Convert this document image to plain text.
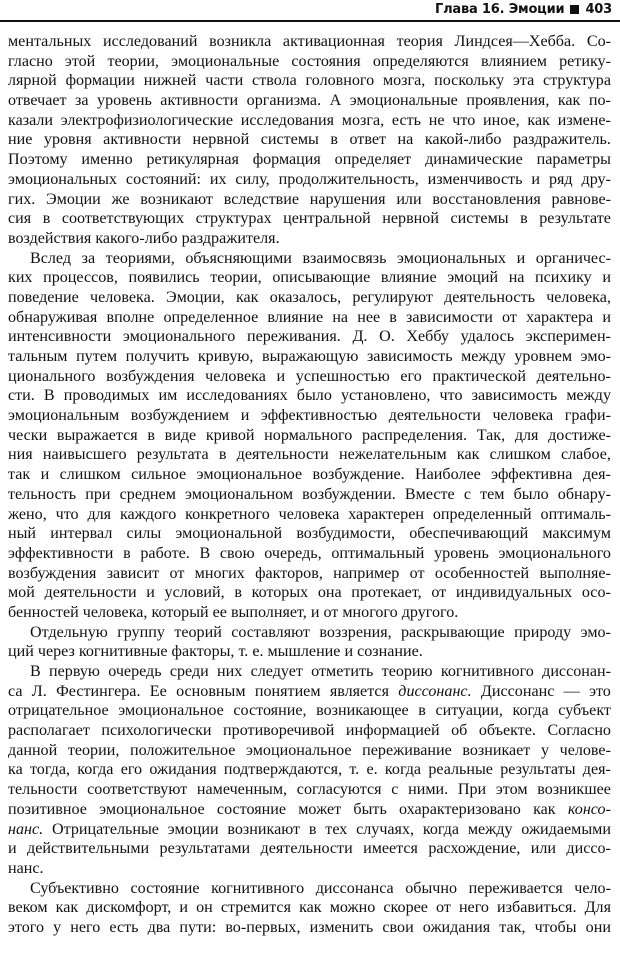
Глава 16. Эмоции 403
ментальных исследований возникла активационная теория Линдсея—Хебба. Со-
гласно этой теории, эмоциональные состояния определяются влиянием ретику-
лярной формации нижней части ствола головного мозга, поскольку эта структура
отвечает за уровень активности организма. А эмоциональные проявления, как по-
казали электрофизиологические исследования мозга, есть не что иное, как измене-
ние уровня активности нервной системы в ответ на какой-либо раздражитель.
Поэтому именно ретикулярная формация определяет динамические параметры
эмоциональных состояний: их силу, продолжительность, изменчивость и ряд дру-
гих. Эмоции же возникают вследствие нарушения или восстановления равнове-
сия в соответствующих структурах центральной нервной системы в результате
воздействия какого-либо раздражителя.
Вслед за теориями, объясняющими взаимосвязь эмоциональных и органичес-
ких процессов, появились теории, описывающие влияние эмоций на психику и
поведение человека. Эмоции, как оказалось, регулируют деятельность человека,
обнаруживая вполне определенное влияние на нее в зависимости от характера и
интенсивности эмоционального переживания. Д. О. Хеббу удалось эксперимен-
тальным путем получить кривую, выражающую зависимость между уровнем эмо-
ционального возбуждения человека и успешностью его практической деятельно-
сти. В проводимых им исследованиях было установлено, что зависимость между
эмоциональным возбуждением и эффективностью деятельности человека графи-
чески выражается в виде кривой нормального распределения. Так, для достиже-
ния наивысшего результата в деятельности нежелательным как слишком слабое,
так и слишком сильное эмоциональное возбуждение. Наиболее эффективна дея-
тельность при среднем эмоциональном возбуждении. Вместе с тем было обнару-
жено, что для каждого конкретного человека характерен определенный оптималь-
ный интервал силы эмоциональной возбудимости, обеспечивающий максимум
эффективности в работе. В свою очередь, оптимальный уровень эмоционального
возбуждения зависит от многих факторов, например от особенностей выполняе-
мой деятельности и условий, в которых она протекает, от индивидуальных осо-
бенностей человека, который ее выполняет, и от многого другого.
Отдельную группу теорий составляют воззрения, раскрывающие природу эмо-
ций через когнитивные факторы, т. е. мышление и сознание.
В первую очередь среди них следует отметить теорию когнитивного диссонан-
са Л. Фестингера. Ее основным понятием является диссонанс. Диссонанс — это
отрицательное эмоциональное состояние, возникающее в ситуации, когда субъект
располагает психологически противоречивой информацией об объекте. Согласно
данной теории, положительное эмоциональное переживание возникает у челове-
ка тогда, когда его ожидания подтверждаются, т. е. когда реальные результаты дея-
тельности соответствуют намеченным, согласуются с ними. При этом возникшее
позитивное эмоциональное состояние может быть охарактеризовано как консо-
нанс. Отрицательные эмоции возникают в тех случаях, когда между ожидаемыми
и действительными результатами деятельности имеется расхождение, или диссо-
нанс.
Субъективно состояние когнитивного диссонанса обычно переживается чело-
веком как дискомфорт, и он стремится как можно скорее от него избавиться. Для
этого у него есть два пути: во-первых, изменить свои ожидания так, чтобы они
